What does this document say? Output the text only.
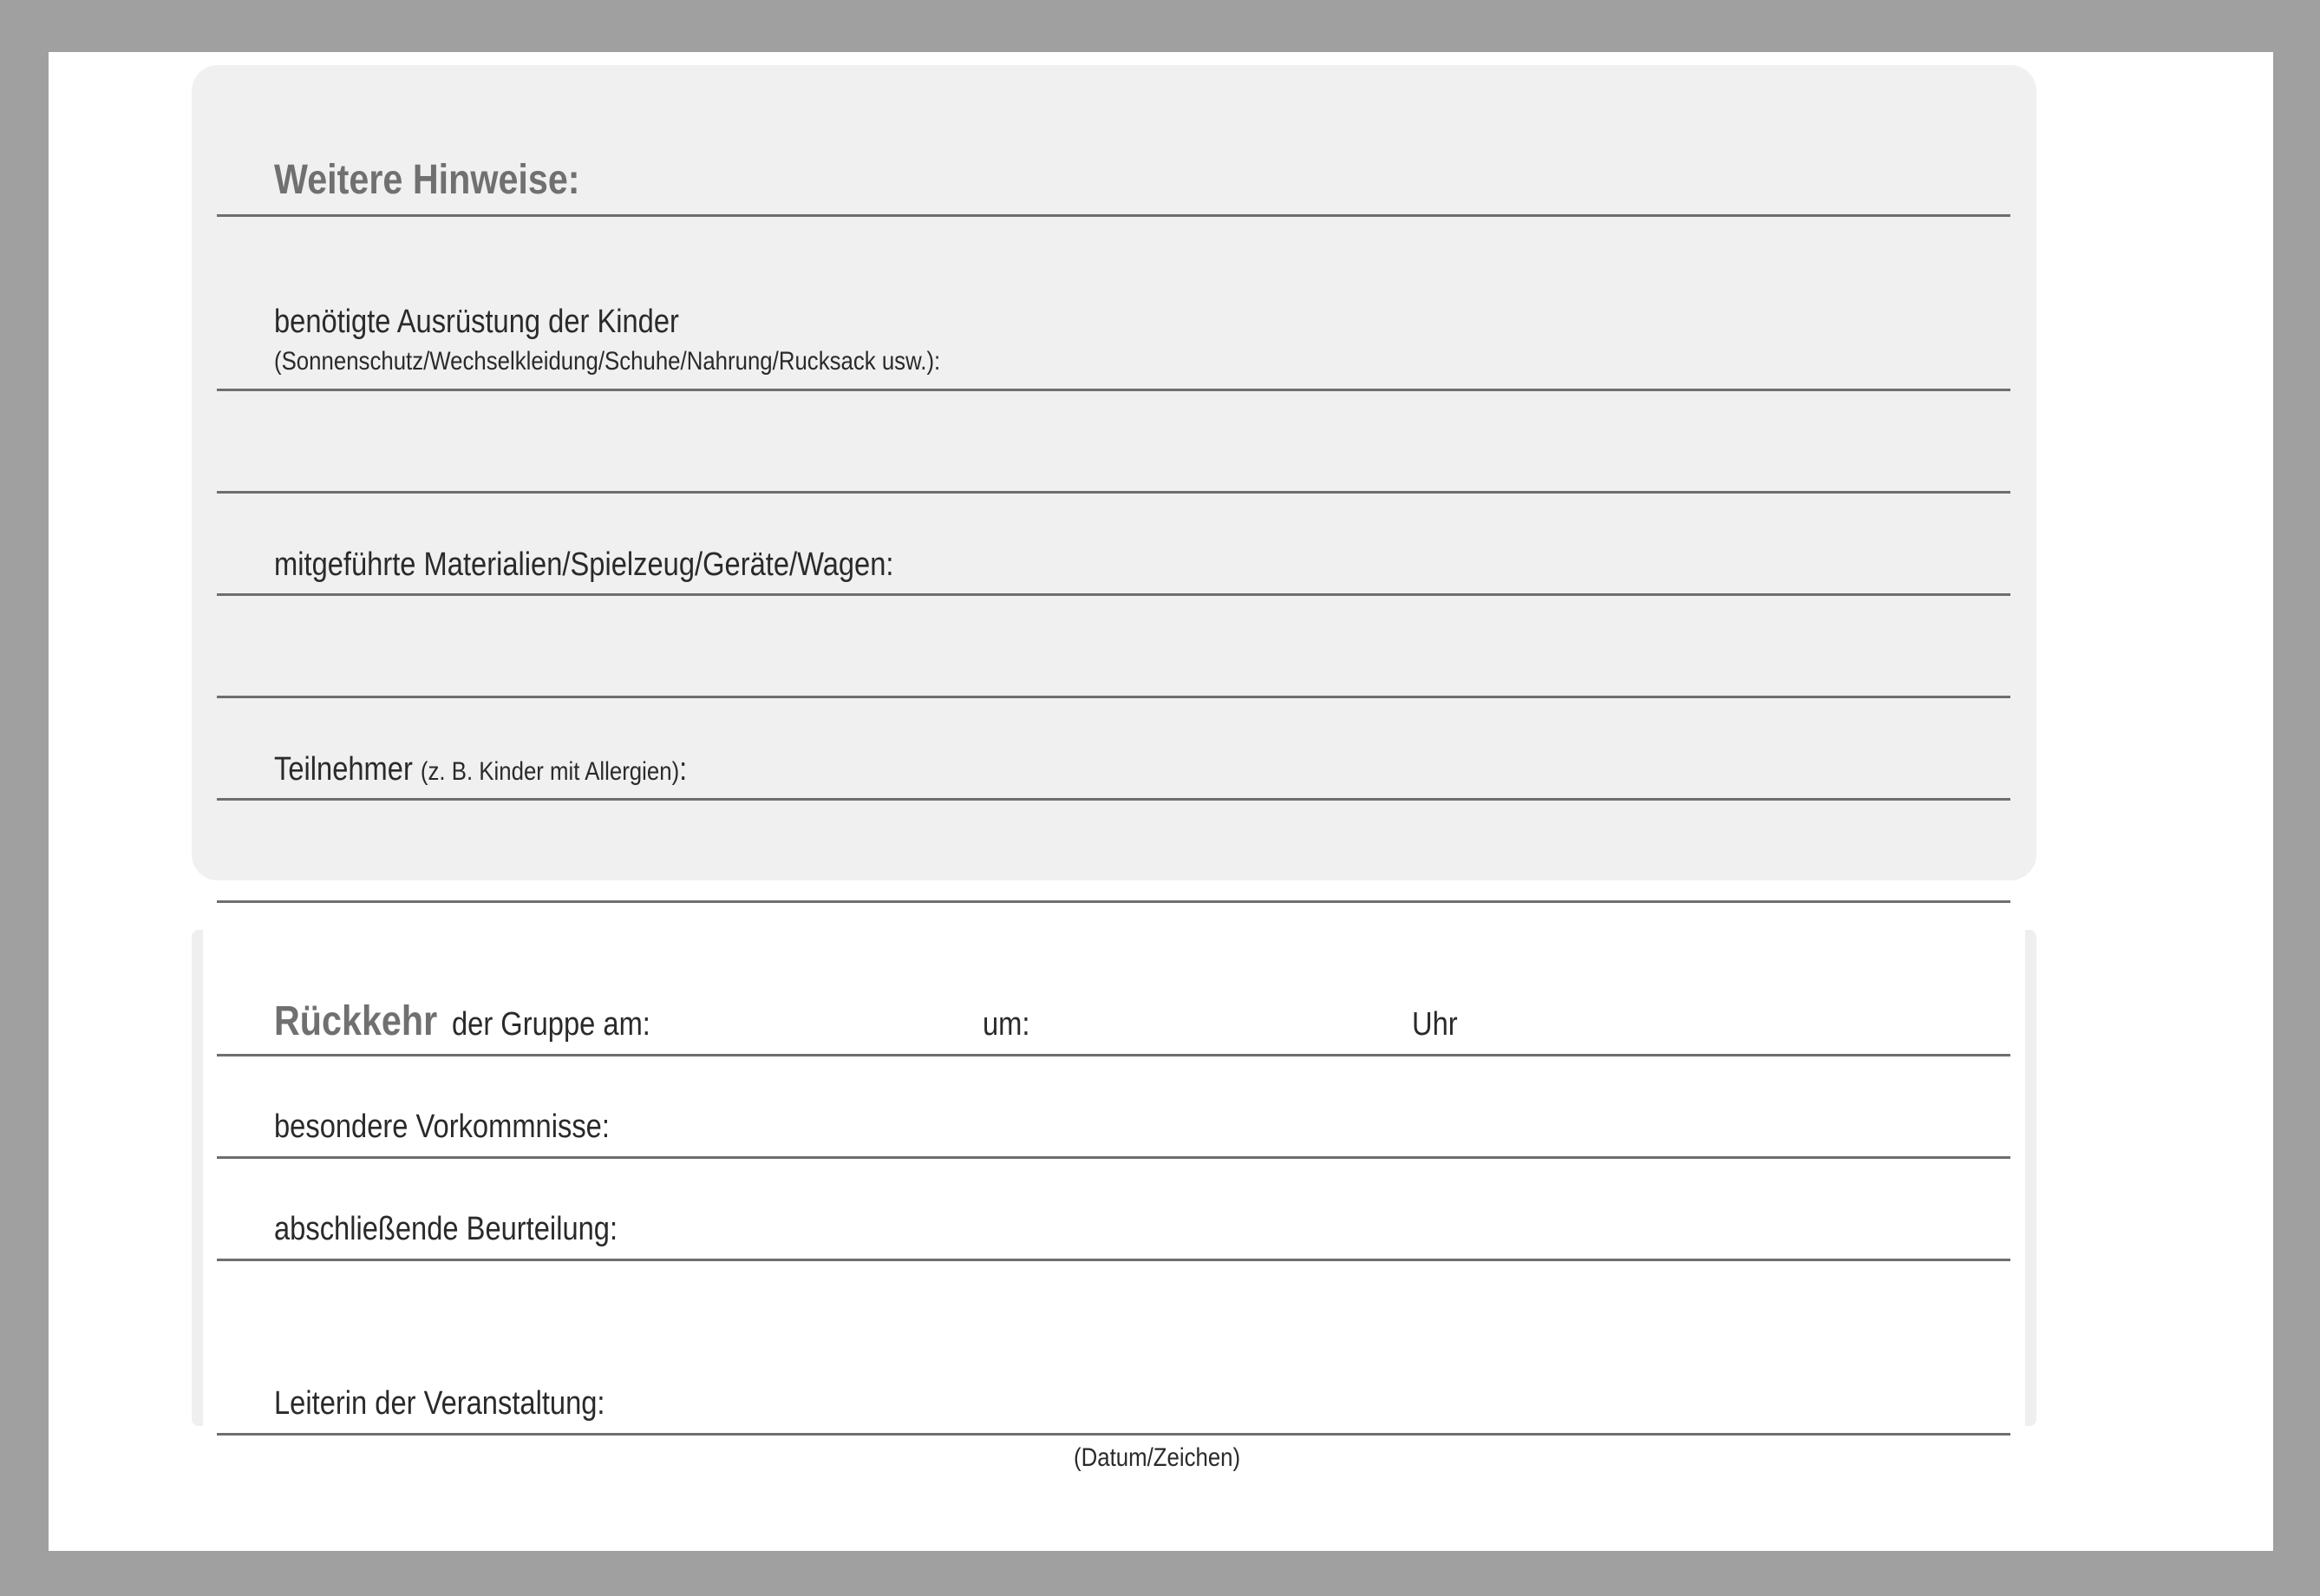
Weitere Hinweise:
benötigte Ausrüstung der Kinder
(Sonnenschutz/Wechselkleidung/Schuhe/Nahrung/Rucksack usw.):
mitgeführte Materialien/Spielzeug/Geräte/Wagen:
Teilnehmer (z. B. Kinder mit Allergien):
Rückkehr der Gruppe am:	um:	Uhr
besondere Vorkommnisse:
abschließende Beurteilung:
Leiterin der Veranstaltung:
(Datum/Zeichen)
